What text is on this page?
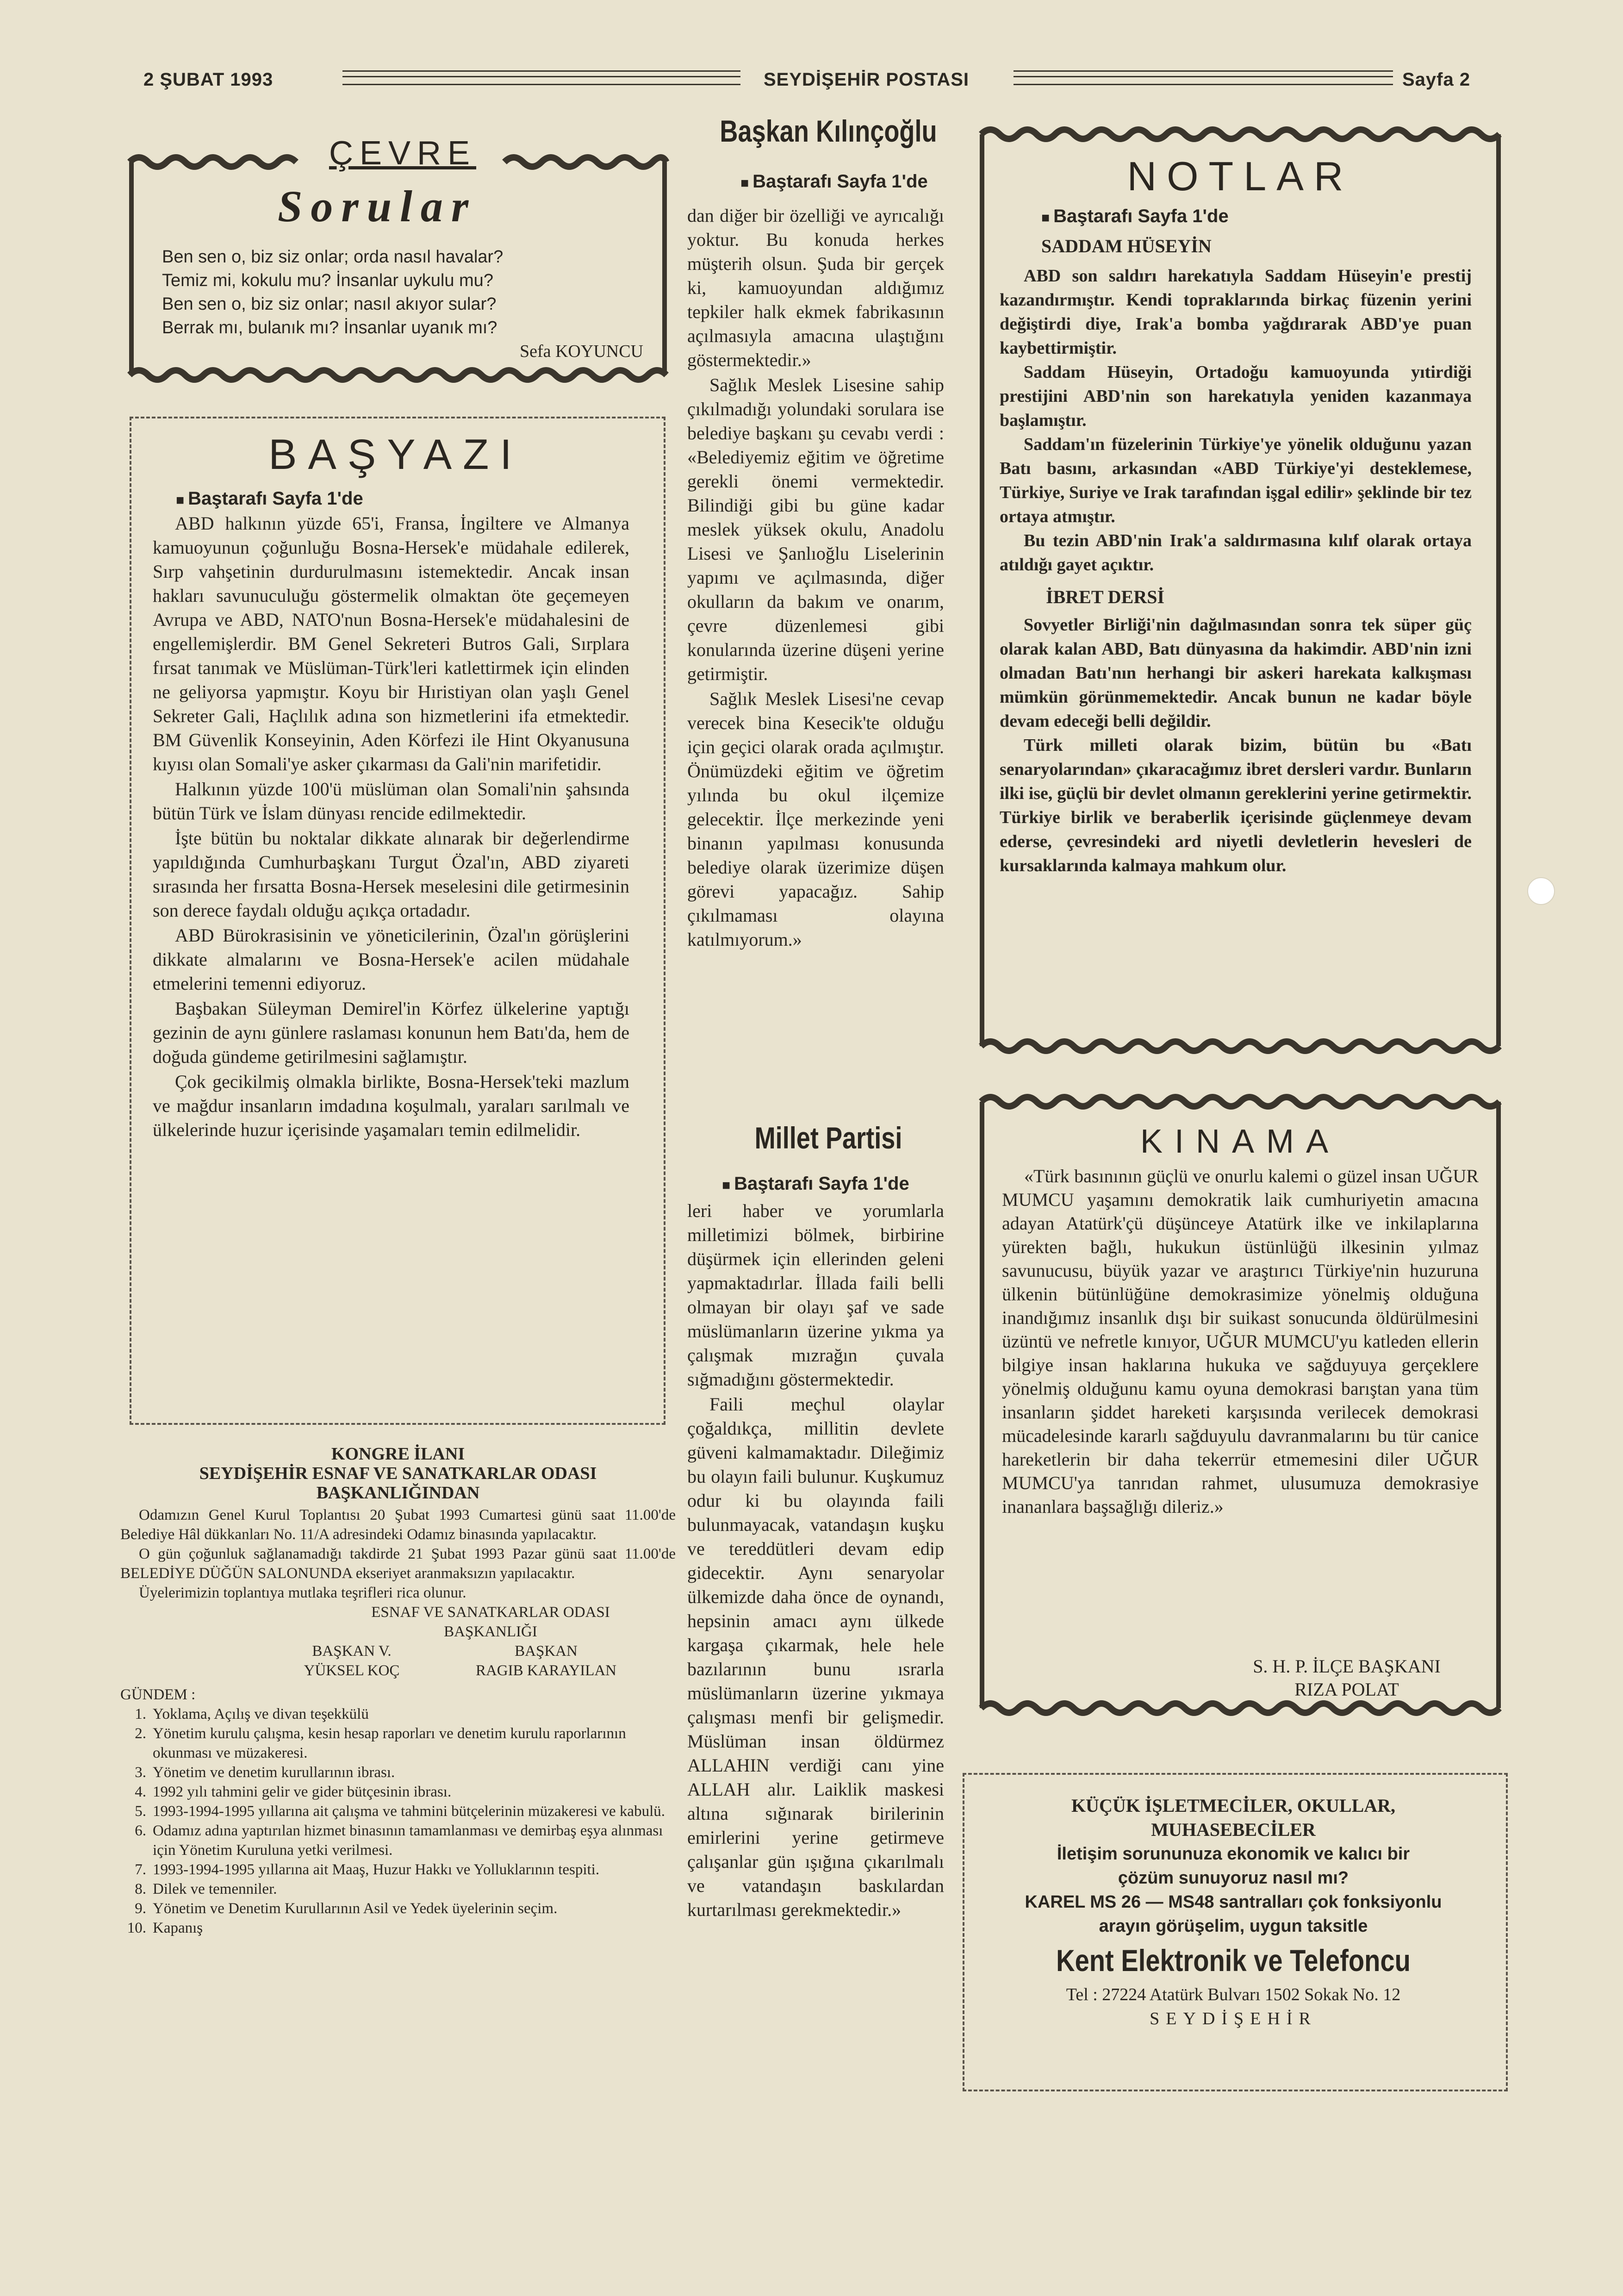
2 ŞUBAT 1993	SEYDİŞEHİR POSTASI	Sayfa 2
ÇEVRE
Sorular
Ben sen o, biz siz onlar; orda nasıl havalar?
Temiz mi, kokulu mu? İnsanlar uykulu mu?
Ben sen o, biz siz onlar; nasıl akıyor sular?
Berrak mı, bulanık mı? İnsanlar uyanık mı?
Sefa KOYUNCU
BAŞYAZI
■ Baştarafı Sayfa 1'de

ABD halkının yüzde 65'i, Fransa, İngiltere ve Almanya kamuoyunun çoğunluğu Bosna-Hersek'e müdahale edilerek, Sırp vahşetinin durdurulmasını istemektedir. Ancak insan hakları savunuculuğu göstermelik olmaktan öte geçemeyen Avrupa ve ABD, NATO'nun Bosna-Hersek'e müdahalesini de engellemişlerdir. BM Genel Sekreteri Butros Gali, Sırplara fırsat tanımak ve Müslüman-Türk'leri katlettirmek için elinden ne geliyorsa yapmıştır. Koyu bir Hıristiyan olan yaşlı Genel Sekreter Gali, Haçlılık adına son hizmetlerini ifa etmektedir. BM Güvenlik Konseyinin, Aden Körfezi ile Hint Okyanusuna kıyısı olan Somali'ye asker çıkarması da Gali'nin marifetidir.

Halkının yüzde 100'ü müslüman olan Somali'nin şahsında bütün Türk ve İslam dünyası rencide edilmektedir.

İşte bütün bu noktalar dikkate alınarak bir değerlendirme yapıldığında Cumhurbaşkanı Turgut Özal'ın, ABD ziyareti sırasında her fırsatta Bosna-Hersek meselesini dile getirmesinin son derece faydalı olduğu açıkça ortadadır.

ABD Bürokrasisinin ve yöneticilerinin, Özal'ın görüşlerini dikkate almalarını ve Bosna-Hersek'e acilen müdahale etmelerini temenni ediyoruz.

Başbakan Süleyman Demirel'in Körfez ülkelerine yaptığı gezinin de aynı günlere raslaması konunun hem Batı'da, hem de doğuda gündeme getirilmesini sağlamıştır.

Çok gecikilmiş olmakla birlikte, Bosna-Hersek'teki mazlum ve mağdur insanların imdadına koşulmalı, yaraları sarılmalı ve ülkelerinde huzur içerisinde yaşamaları temin edilmelidir.

KONGRE İLANI
SEYDİŞEHİR ESNAF VE SANATKARLAR ODASI
BAŞKANLIĞINDAN

Odamızın Genel Kurul Toplantısı 20 Şubat 1993 Cumartesi günü saat 11.00'de Belediye Hâl dükkanları No. 11/A adresindeki Odamız binasında yapılacaktır.

O gün çoğunluk sağlanamadığı takdirde 21 Şubat 1993 Pazar günü saat 11.00'de BELEDİYE DÜĞÜN SALONUNDA ekseriyet aranmaksızın yapılacaktır.

Üyelerimizin toplantıya mutlaka teşrifleri rica olunur.

ESNAF VE SANATKARLAR ODASI
BAŞKANLIĞI
BAŞKAN V.	BAŞKAN
YÜKSEL KOÇ	RAGIB KARAYILAN
GÜNDEM :
1. Yoklama, Açılış ve divan teşekkülü
2. Yönetim kurulu çalışma, kesin hesap raporları ve denetim kurulu raporlarının okunması ve müzakeresi.
3. Yönetim ve denetim kurullarının ibrası.
4. 1992 yılı tahmini gelir ve gider bütçesinin ibrası.
5. 1993-1994-1995 yıllarına ait çalışma ve tahmini bütçelerinin müzakeresi ve kabulü.
6. Odamız adına yaptırılan hizmet binasının tamamlanması ve demirbaş eşya alınması için Yönetim Kuruluna yetki verilmesi.
7. 1993-1994-1995 yıllarına ait Maaş, Huzur Hakkı ve Yolluklarının tespiti.
8. Dilek ve temenniler.
9. Yönetim ve Denetim Kurullarının Asil ve Yedek üyelerinin seçim.
10. Kapanış
Başkan Kılınçoğlu
■ Baştarafı Sayfa 1'de

dan diğer bir özelliği ve ayrıcalığı yoktur. Bu konuda herkes müşterih olsun. Şuda bir gerçek ki, kamuoyundan aldığımız tepkiler halk ekmek fabrikasının açılmasıyla amacına ulaştığını göstermektedir.»

Sağlık Meslek Lisesine sahip çıkılmadığı yolundaki sorulara ise belediye başkanı şu cevabı verdi : «Belediyemiz eğitim ve öğretime gerekli önemi vermektedir. Bilindiği gibi bu güne kadar meslek yüksek okulu, Anadolu Lisesi ve Şanlıoğlu Liselerinin yapımı ve açılmasında, diğer okulların da bakım ve onarım, çevre düzenlemesi gibi konularında üzerine düşeni yerine getirmiştir.

Sağlık Meslek Lisesi'ne cevap verecek bina Kesecik'te olduğu için geçici olarak orada açılmıştır. Önümüzdeki eğitim ve öğretim yılında bu okul ilçemize gelecektir. İlçe merkezinde yeni binanın yapılması konusunda belediye olarak üzerimize düşen görevi yapacağız. Sahip çıkılmaması olayına katılmıyorum.»

Millet Partisi
■ Baştarafı Sayfa 1'de

leri haber ve yorumlarla milletimizi bölmek, birbirine düşürmek için ellerinden geleni yapmaktadırlar. İllada faili belli olmayan bir olayı şaf ve sade müslümanların üzerine yıkma ya çalışmak mızrağın çuvala sığmadığını göstermektedir.

Faili meçhul olaylar çoğaldıkça, millitin devlete güveni kalmamaktadır. Dileğimiz bu olayın faili bulunur. Kuşkumuz odur ki bu olayında faili bulunmayacak, vatandaşın kuşku ve tereddütleri devam edip gidecektir. Aynı senaryolar ülkemizde daha önce de oynandı, hepsinin amacı aynı ülkede kargaşa çıkarmak, hele hele bazılarının bunu ısrarla müslümanların üzerine yıkmaya çalışması menfi bir gelişmedir. Müslüman insan öldürmez ALLAHIN verdiği canı yine ALLAH alır. Laiklik maskesi altına sığınarak birilerinin emirlerini yerine getirmeve çalışanlar gün ışığına çıkarılmalı ve vatandaşın baskılardan kurtarılması gerekmektedir.»

NOTLAR
■ Baştarafı Sayfa 1'de
SADDAM HÜSEYİN

ABD son saldırı harekatıyla Saddam Hüseyin'e prestij kazandırmıştır. Kendi topraklarında birkaç füzenin yerini değiştirdi diye, Irak'a bomba yağdırarak ABD'ye puan kaybettirmiştir.

Saddam Hüseyin, Ortadoğu kamuoyunda yıtirdiği prestijini ABD'nin son harekatıyla yeniden kazanmaya başlamıştır.

Saddam'ın füzelerinin Türkiye'ye yönelik olduğunu yazan Batı basını, arkasından «ABD Türkiye'yi desteklemese, Türkiye, Suriye ve Irak tarafından işgal edilir» şeklinde bir tez ortaya atmıştır.

Bu tezin ABD'nin Irak'a saldırmasına kılıf olarak ortaya atıldığı gayet açıktır.

İBRET DERSİ

Sovyetler Birliği'nin dağılmasından sonra tek süper güç olarak kalan ABD, Batı dünyasına da hakimdir. ABD'nin izni olmadan Batı'nın herhangi bir askeri harekata kalkışması mümkün görünmemektedir. Ancak bunun ne kadar böyle devam edeceği belli değildir.

Türk milleti olarak bizim, bütün bu «Batı senaryolarından» çıkaracağımız ibret dersleri vardır. Bunların ilki ise, güçlü bir devlet olmanın gereklerini yerine getirmektir. Türkiye birlik ve beraberlik içerisinde güçlenmeye devam ederse, çevresindeki ard niyetli devletlerin hevesleri de kursaklarında kalmaya mahkum olur.

KINAMA

«Türk basınının güçlü ve onurlu kalemi o güzel insan UĞUR MUMCU yaşamını demokratik laik cumhuriyetin amacına adayan Atatürk'çü düşünceye Atatürk ilke ve inkilaplarına yürekten bağlı, hukukun üstünlüğü ilkesinin yılmaz savunucusu, büyük yazar ve araştırıcı Türkiye'nin huzuruna ülkenin bütünlüğüne demokrasimize yönelmiş olduğuna inandığımız insanlık dışı bir suikast sonucunda öldürülmesini üzüntü ve nefretle kınıyor, UĞUR MUMCU'yu katleden ellerin bilgiye insan haklarına hukuka ve sağduyuya gerçeklere yönelmiş olduğunu kamu oyuna demokrasi barıştan yana tüm insanların şiddet hareketi karşısında verilecek demokrasi mücadelesinde kararlı sağduyulu davranmalarını bu tür canice hareketlerin bir daha tekerrür etmemesini diler UĞUR MUMCU'ya tanrıdan rahmet, ulusumuza demokrasiye inananlara başsağlığı dileriz.»

S. H. P. İLÇE BAŞKANI
RIZA POLAT
KÜÇÜK İŞLETMECİLER, OKULLAR,
MUHASEBECİLER
İletişim sorununuza ekonomik ve kalıcı bir
çözüm sunuyoruz nasıl mı?
KAREL MS 26 — MS48 santralları çok fonksiyonlu
arayın görüşelim, uygun taksitle
Kent Elektronik ve Telefoncu
Tel : 27224 Atatürk Bulvarı 1502 Sokak No. 12
SEYDİŞEHİR
